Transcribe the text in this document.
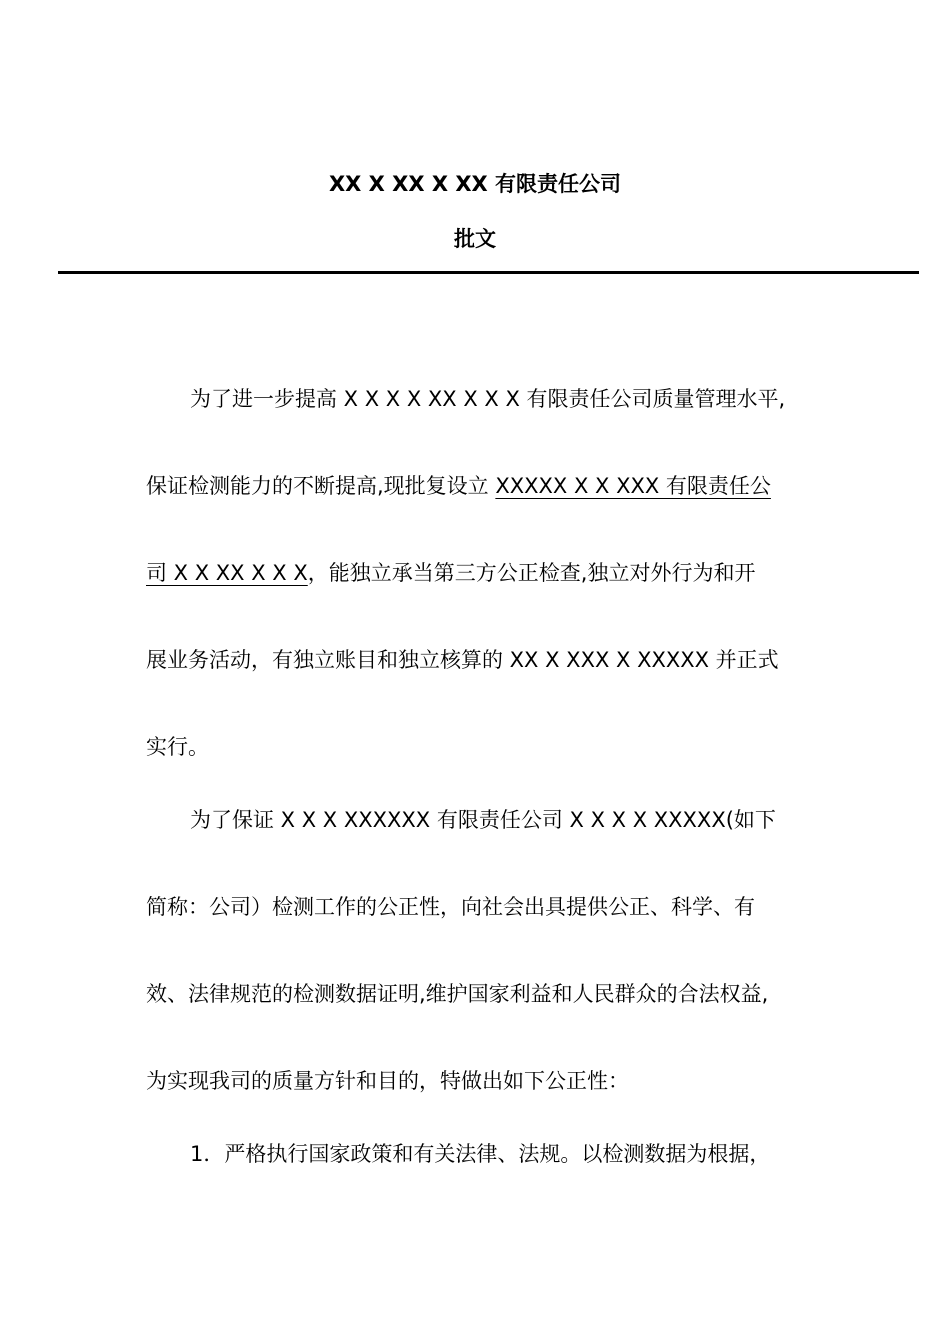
XX X XX X XX 有限责任公司
批文
为了进一步提高 X X X X XX X X X 有限责任公司质量管理水平,
保证检测能力的不断提高,现批复设立 XXXXX X X XXX 有限责任公
司 X X XX X X X，能独立承当第三方公正检查,独立对外行为和开
展业务活动，有独立账目和独立核算的 XX X XXX X XXXXX 并正式
实行。
为了保证 X X X XXXXXX 有限责任公司 X X X X XXXXX(如下
简称：公司）检测工作的公正性，向社会出具提供公正、科学、有
效、法律规范的检测数据证明,维护国家利益和人民群众的合法权益,
为实现我司的质量方针和目的，特做出如下公正性：
1．严格执行国家政策和有关法律、法规。以检测数据为根据，
